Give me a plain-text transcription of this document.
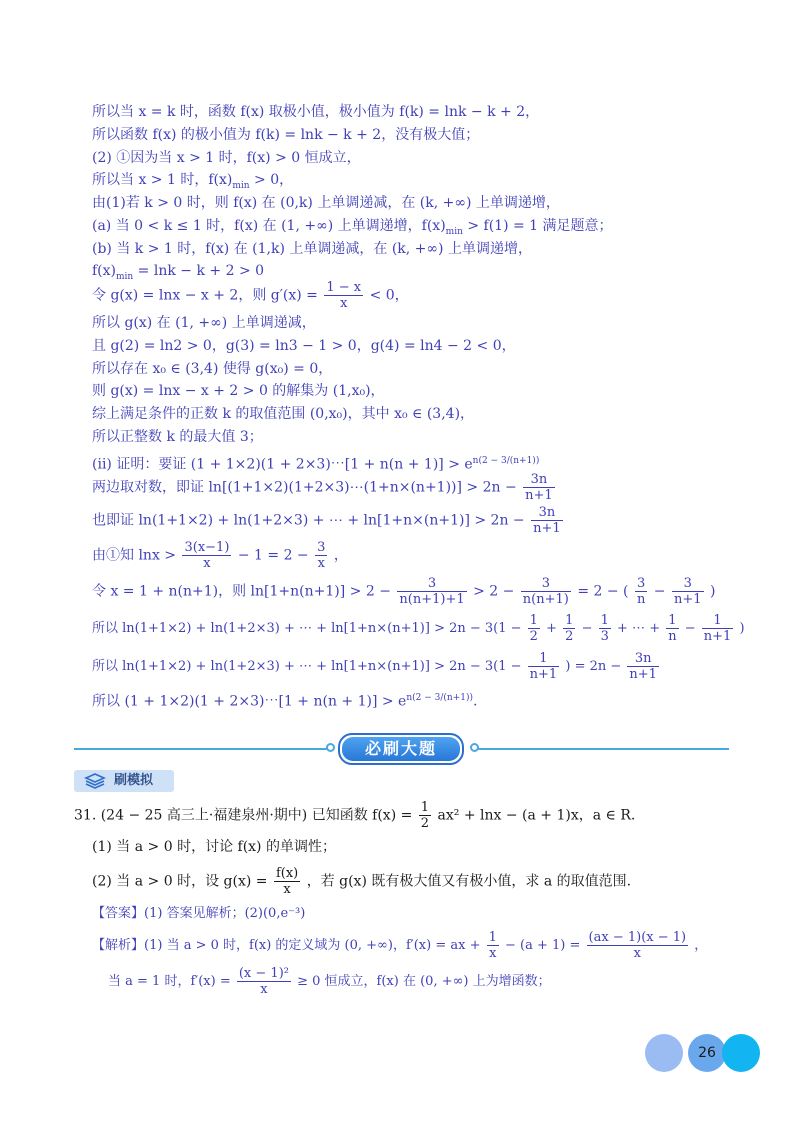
所以当 x = k 时，函数 f(x) 取极小值，极小值为 f(k) = lnk − k + 2，
所以函数 f(x) 的极小值为 f(k) = lnk − k + 2，没有极大值；
(2) ①因为当 x > 1 时，f(x) > 0 恒成立，
所以当 x > 1 时，$f(x)_{min} > 0$，
由(1)若 k > 0 时，则 f(x) 在 (0,k) 上单调递减，在 (k, +∞) 上单调递增，
(a) 当 0 < k ≤ 1 时，f(x) 在 (1, +∞) 上单调递增，$f(x)_{min} > f(1) = 1$ 满足题意；
(b) 当 k > 1 时，f(x) 在 (1,k) 上单调递减，在 (k, +∞) 上单调递增，
$f(x)_{min} = \ln k - k + 2 > 0$
令 g(x) = lnx − x + 2，则 $g'(x) = \frac{1 - x}{x} < 0$，
所以 g(x) 在 (1, +∞) 上单调递减，
且 g(2) = ln2 > 0，g(3) = ln3 − 1 > 0，g(4) = ln4 − 2 < 0，
所以存在 x₀ ∈ (3,4) 使得 g(x₀) = 0，
则 g(x) = lnx − x + 2 > 0 的解集为 (1,x₀)，
综上满足条件的正数 k 的取值范围 (0,x₀)，其中 x₀ ∈ (3,4)，
所以正整数 k 的最大值 3；
(ii) 证明：要证 (1 + 1×2)(1 + 2×3)⋯[1 + $n(n + 1)] > e^{n(2 - 3/(n+1))}$
两边取对数，即证 ln[(1+1×2)(1+2×3)⋯(1+n×(n+1))] > $2n - \frac{3n}{n+1}$
也即证 ln(1+1×2) + ln(1+2×3) + ⋯ + $\ln[1+n\times(n+1)] > 2n - \frac{3n}{n+1}$
由①知 $\ln x > \frac{3(x-1)}{x} - 1 = 2 - \frac{3}{x}$ ，
令 x = 1 + n(n+1)，则 $\ln[1+n(n+1)] > 2 - \frac{3}{n(n+1)+1} > 2 - \frac{3}{n(n+1)} = 2$ − ( $\frac{3}{n} - \frac{3}{n+1}$ )
所以 ln(1+1×2) + ln(1+2×3) + ⋯ + $\ln[1+n\times(n+1)] > 2n - 3(1 - \frac{1}{2} + \frac{1}{2} - \frac{1}{3}$ + ⋯ + $\frac{1}{n} - \frac{1}{n+1}$ )
所以 ln(1+1×2) + ln(1+2×3) + ⋯ + $\ln[1+n\times(n+1)] > 2n - 3(1 - \frac{1}{n+1}$ ) = $2n - \frac{3n}{n+1}$
所以 (1 + 1×2)(1 + 2×3)⋯[1 + $n(n + 1)] > e^{n(2 - 3/(n+1))}$.
必刷大题
刷模拟
31. (24 − 25 高三上·福建泉州·期中) 已知函数 $f(x) = \frac{1}{2} ax^2 + \ln x - (a + 1)x$，a ∈ R.
(1) 当 a > 0 时，讨论 f(x) 的单调性；
(2) 当 a > 0 时，设 $g(x) = \frac{f(x)}{x}$ ，若 g(x) 既有极大值又有极小值，求 a 的取值范围.
【答案】(1) 答案见解析；(2)(0,e⁻³)
【解析】(1) 当 a > 0 时，f(x) 的定义域为 (0, +∞)，f′(x) = ax + $\frac{1}{x} - (a + 1) = \frac{(ax - 1)(x - 1)}{x}$ ，
当 a = 1 时，$f'(x) = \frac{\text{(x − 1)²}}{x} \ge 0$ 恒成立，f(x) 在 (0, +∞) 上为增函数；
26
